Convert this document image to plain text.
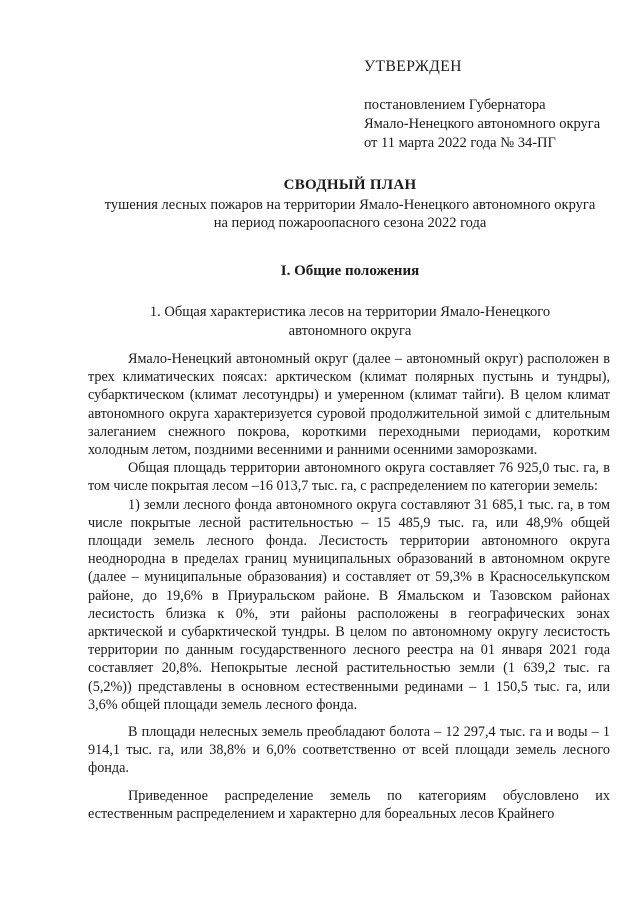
УТВЕРЖДЕН
постановлением Губернатора
Ямало-Ненецкого автономного округа
от 11 марта 2022 года № 34-ПГ
СВОДНЫЙ ПЛАН
тушения лесных пожаров на территории Ямало-Ненецкого автономного округа
на период пожароопасного сезона 2022 года
I. Общие положения
1. Общая характеристика лесов на территории Ямало-Ненецкого
автономного округа

Ямало-Ненецкий автономный округ (далее – автономный округ) расположен в трех климатических поясах: арктическом (климат полярных пустынь и тундры), субарктическом (климат лесотундры) и умеренном (климат тайги). В целом климат автономного округа характеризуется суровой продолжительной зимой с длительным залеганием снежного покрова, короткими переходными периодами, коротким холодным летом, поздними весенними и ранними осенними заморозками.

Общая площадь территории автономного округа составляет 76 925,0 тыс. га, в том числе покрытая лесом –16 013,7 тыс. га, с распределением по категории земель:

1) земли лесного фонда автономного округа составляют 31 685,1 тыс. га, в том числе покрытые лесной растительностью – 15 485,9 тыс. га, или 48,9% общей площади земель лесного фонда. Лесистость территории автономного округа неоднородна в пределах границ муниципальных образований в автономном округе (далее – муниципальные образования) и составляет от 59,3% в Красноселькупском районе, до 19,6% в Приуральском районе. В Ямальском и Тазовском районах лесистость близка к 0%, эти районы расположены в географических зонах арктической и субарктической тундры. В целом по автономному округу лесистость территории по данным государственного лесного реестра на 01 января 2021 года составляет 20,8%. Непокрытые лесной растительностью земли (1 639,2 тыс. га (5,2%)) представлены в основном естественными рединами – 1 150,5 тыс. га, или 3,6% общей площади земель лесного фонда.

В площади нелесных земель преобладают болота – 12 297,4 тыс. га и воды – 1 914,1 тыс. га, или 38,8% и 6,0% соответственно от всей площади земель лесного фонда.

Приведенное распределение земель по категориям обусловлено их естественным распределением и характерно для бореальных лесов Крайнего
